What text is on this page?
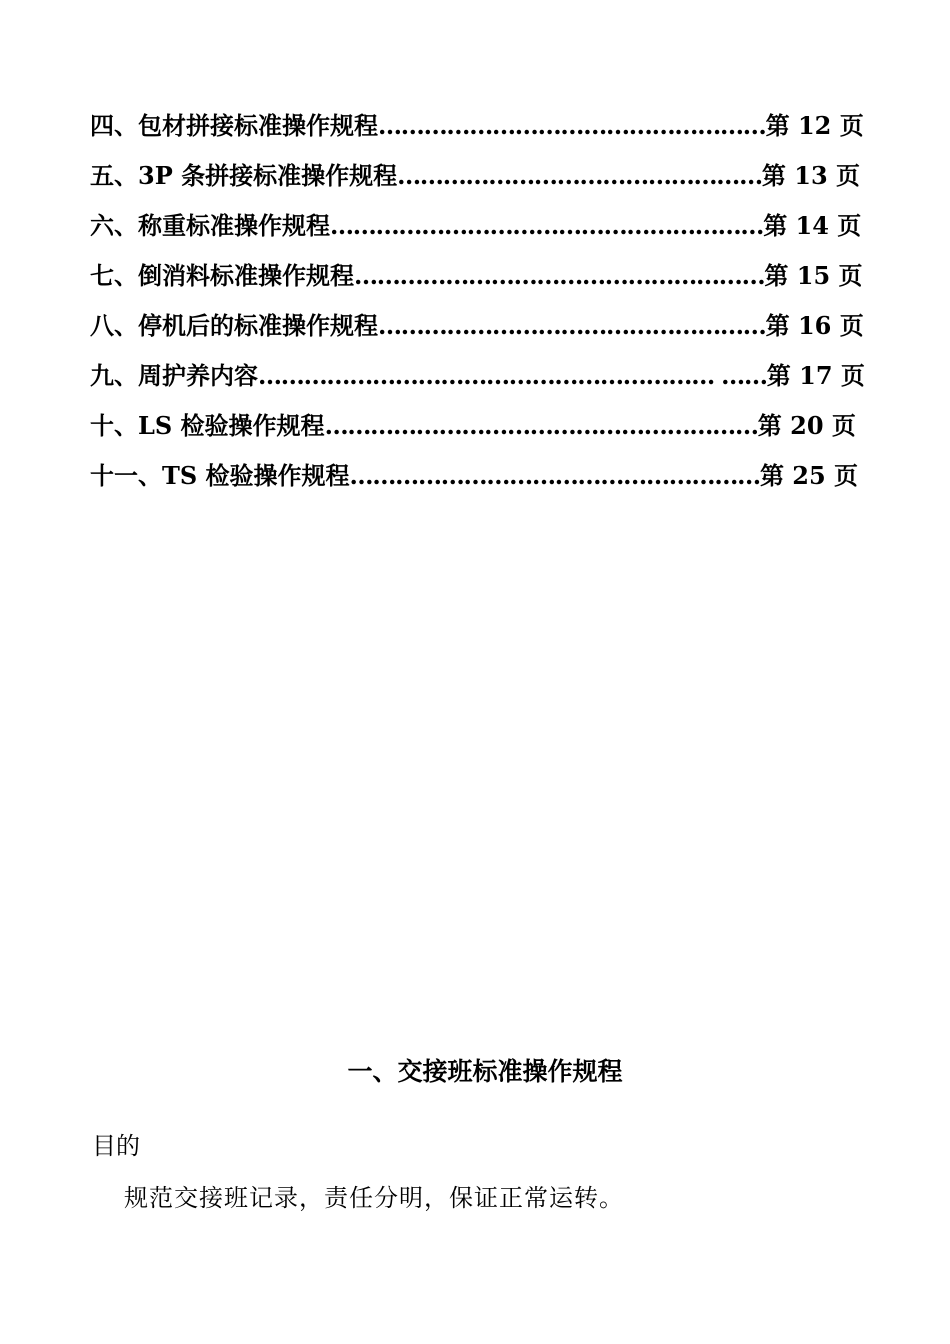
四、包材拼接标准操作规程……………………………………………第 12 页
五、3P 条拼接标准操作规程…………………………………………第 13 页
六、称重标准操作规程…………………………………………………第 14 页
七、倒消料标准操作规程………………………………………………第 15 页
八、停机后的标准操作规程……………………………………………第 16 页
九、周护养内容…………………………………………………… ……第 17 页
十、LS 检验操作规程…………………………………………………第 20 页
十一、TS 检验操作规程………………………………………………第 25 页
一、交接班标准操作规程
目的
规范交接班记录，责任分明，保证正常运转。
